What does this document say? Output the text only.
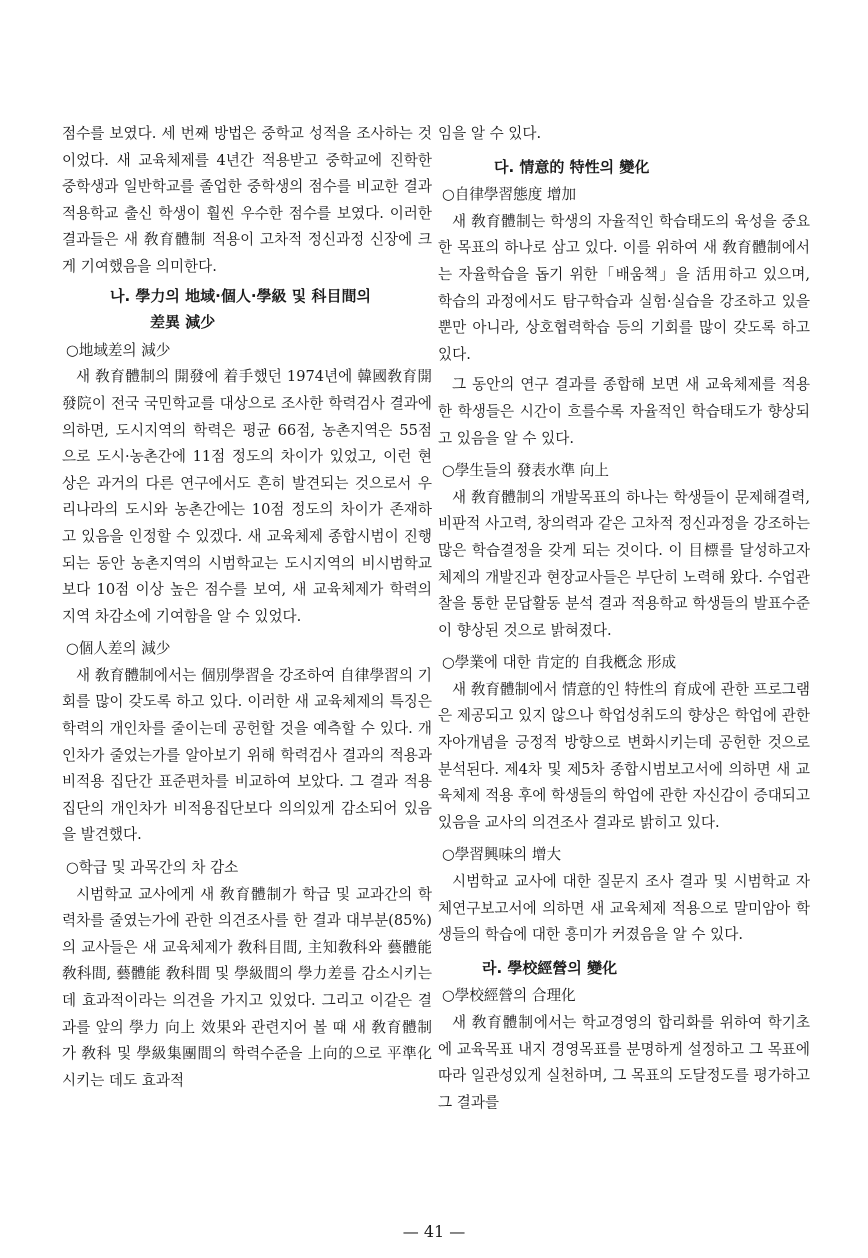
점수를 보였다. 세 번째 방법은 중학교 성적을 조사하는 것이었다. 새 교육체제를 4년간 적용받고 중학교에 진학한 중학생과 일반학교를 졸업한 중학생의 점수를 비교한 결과 적용학교 출신 학생이 훨씬 우수한 점수를 보였다. 이러한 결과들은 새 敎育體制 적용이 고차적 정신과정 신장에 크게 기여했음을 의미한다.

나. 學力의 地域·個人·學級 및 科目間의
差異 減少
○地域差의 減少

새 敎育體制의 開發에 着手했던 1974년에 韓國敎育開發院이 전국 국민학교를 대상으로 조사한 학력검사 결과에 의하면, 도시지역의 학력은 평균 66점, 농촌지역은 55점으로 도시·농촌간에 11점 정도의 차이가 있었고, 이런 현상은 과거의 다른 연구에서도 흔히 발견되는 것으로서 우리나라의 도시와 농촌간에는 10점 정도의 차이가 존재하고 있음을 인정할 수 있겠다. 새 교육체제 종합시범이 진행되는 동안 농촌지역의 시범학교는 도시지역의 비시범학교보다 10점 이상 높은 점수를 보여, 새 교육체제가 학력의 지역 차감소에 기여함을 알 수 있었다.

○個人差의 減少

새 敎育體制에서는 個別學習을 강조하여 自律學習의 기회를 많이 갖도록 하고 있다. 이러한 새 교육체제의 특징은 학력의 개인차를 줄이는데 공헌할 것을 예측할 수 있다. 개인차가 줄었는가를 알아보기 위해 학력검사 결과의 적용과 비적용 집단간 표준편차를 비교하여 보았다. 그 결과 적용집단의 개인차가 비적용집단보다 의의있게 감소되어 있음을 발견했다.

○학급 및 과목간의 차 감소

시범학교 교사에게 새 敎育體制가 학급 및 교과간의 학력차를 줄였는가에 관한 의견조사를 한 결과 대부분(85%)의 교사들은 새 교육체제가 敎科目間, 主知敎科와 藝體能 敎科間, 藝體能 敎科間 및 學級間의 學力差를 감소시키는데 효과적이라는 의견을 가지고 있었다. 그리고 이같은 결과를 앞의 學力 向上 效果와 관련지어 볼 때 새 敎育體制가 敎科 및 學級集團間의 학력수준을 上向的으로 平準化 시키는 데도 효과적

임을 알 수 있다.

다. 情意的 特性의 變化
○自律學習態度 增加

새 敎育體制는 학생의 자율적인 학습태도의 육성을 중요한 목표의 하나로 삼고 있다. 이를 위하여 새 敎育體制에서는 자율학습을 돕기 위한「배움책」을 活用하고 있으며, 학습의 과정에서도 탐구학습과 실험·실습을 강조하고 있을 뿐만 아니라, 상호협력학습 등의 기회를 많이 갖도록 하고 있다.

그 동안의 연구 결과를 종합해 보면 새 교육체제를 적용한 학생들은 시간이 흐를수록 자율적인 학습태도가 향상되고 있음을 알 수 있다.

○學生들의 發表水準 向上

새 敎育體制의 개발목표의 하나는 학생들이 문제해결력, 비판적 사고력, 창의력과 같은 고차적 정신과정을 강조하는 많은 학습결정을 갖게 되는 것이다. 이 目標를 달성하고자 체제의 개발진과 현장교사들은 부단히 노력해 왔다. 수업관찰을 통한 문답활동 분석 결과 적용학교 학생들의 발표수준이 향상된 것으로 밝혀졌다.

○學業에 대한 肯定的 自我槪念 形成

새 敎育體制에서 情意的인 特性의 育成에 관한 프로그램은 제공되고 있지 않으나 학업성취도의 향상은 학업에 관한 자아개념을 긍정적 방향으로 변화시키는데 공헌한 것으로 분석된다. 제4차 및 제5차 종합시범보고서에 의하면 새 교육체제 적용 후에 학생들의 학업에 관한 자신감이 증대되고 있음을 교사의 의견조사 결과로 밝히고 있다.

○學習興味의 增大

시범학교 교사에 대한 질문지 조사 결과 및 시범학교 자체연구보고서에 의하면 새 교육체제 적용으로 말미암아 학생들의 학습에 대한 흥미가 커졌음을 알 수 있다.

라. 學校經營의 變化
○學校經營의 合理化

새 敎育體制에서는 학교경영의 합리화를 위하여 학기초에 교육목표 내지 경영목표를 분명하게 설정하고 그 목표에 따라 일관성있게 실천하며, 그 목표의 도달정도를 평가하고 그 결과를

— 41 —
